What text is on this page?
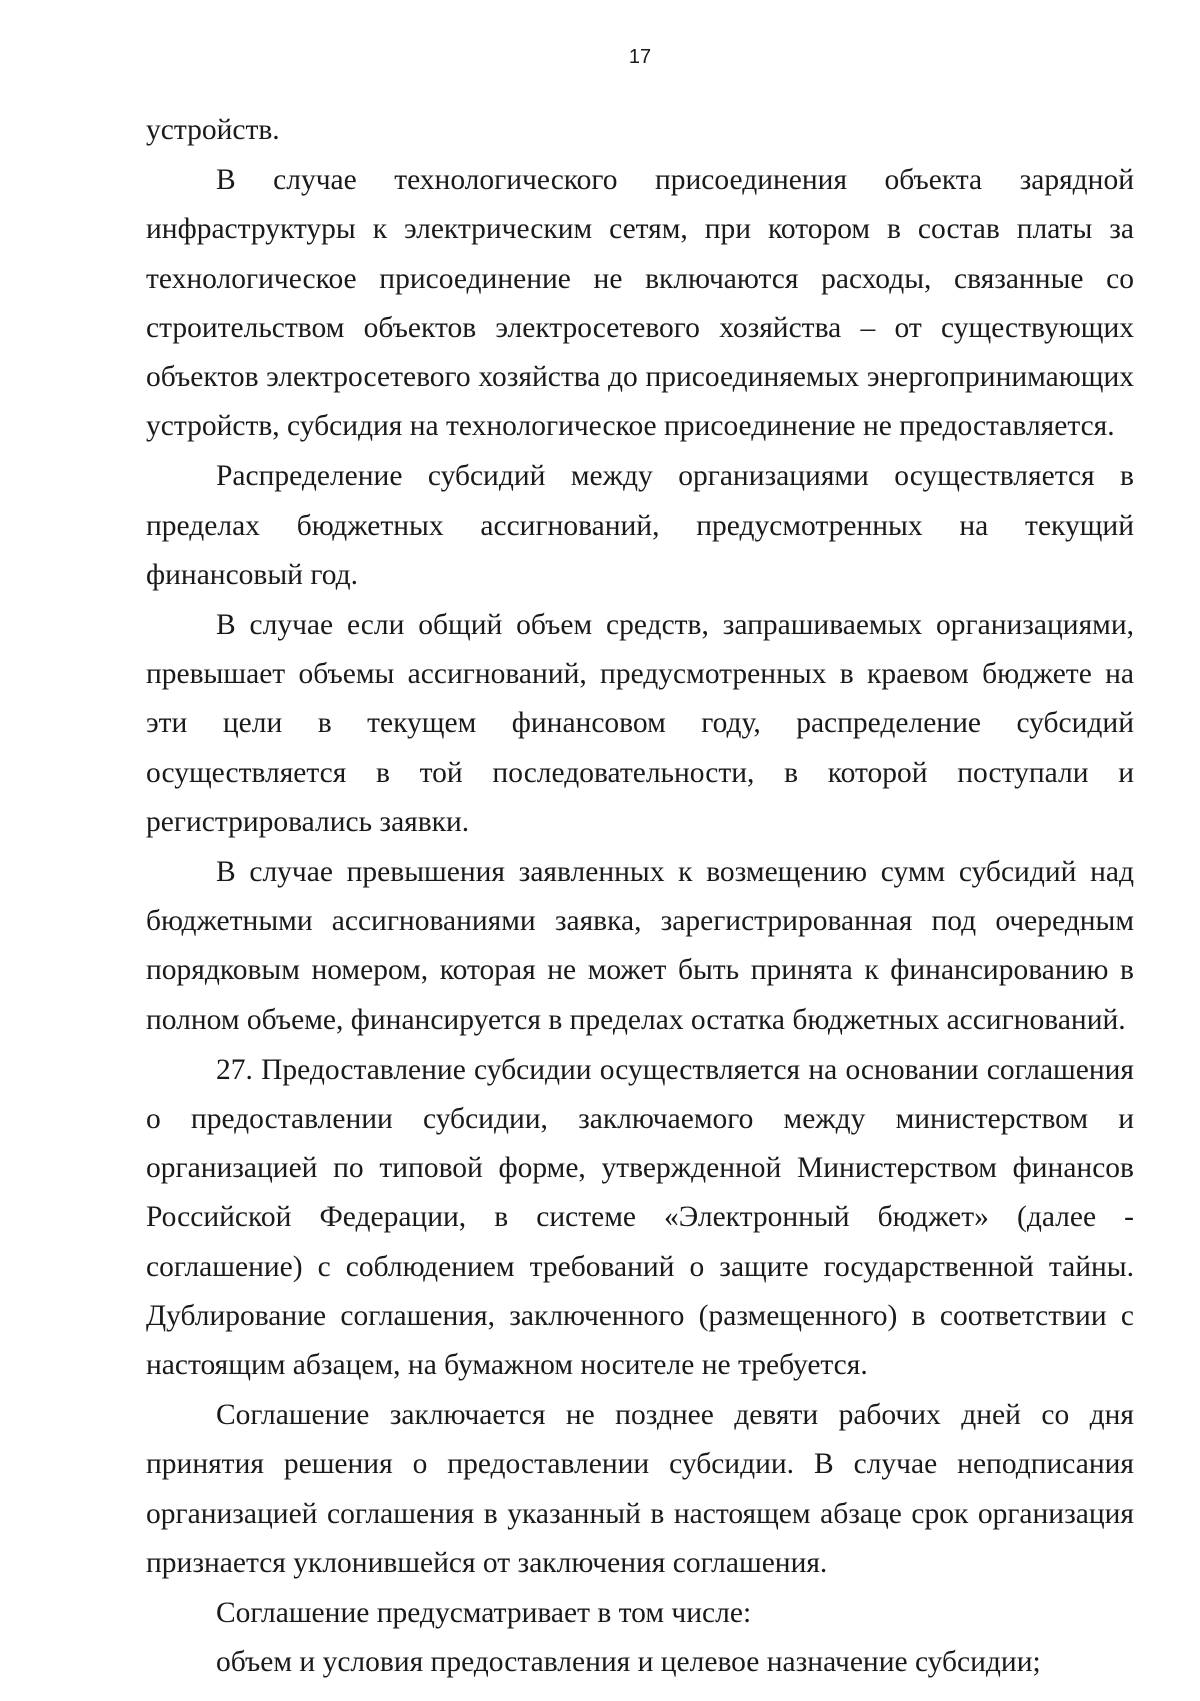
17

устройств.

В случае технологического присоединения объекта зарядной инфраструктуры к электрическим сетям, при котором в состав платы за технологическое присоединение не включаются расходы, связанные со строительством объектов электросетевого хозяйства – от существующих объектов электросетевого хозяйства до присоединяемых энергопринимающих устройств, субсидия на технологическое присоединение не предоставляется.

Распределение субсидий между организациями осуществляется в пределах бюджетных ассигнований, предусмотренных на текущий финансовый год.

В случае если общий объем средств, запрашиваемых организациями, превышает объемы ассигнований, предусмотренных в краевом бюджете на эти цели в текущем финансовом году, распределение субсидий осуществляется в той последовательности, в которой поступали и регистрировались заявки.

В случае превышения заявленных к возмещению сумм субсидий над бюджетными ассигнованиями заявка, зарегистрированная под очередным порядковым номером, которая не может быть принята к финансированию в полном объеме, финансируется в пределах остатка бюджетных ассигнований.

27. Предоставление субсидии осуществляется на основании соглашения о предоставлении субсидии, заключаемого между министерством и организацией по типовой форме, утвержденной Министерством финансов Российской Федерации, в системе «Электронный бюджет» (далее - соглашение) с соблюдением требований о защите государственной тайны. Дублирование соглашения, заключенного (размещенного) в соответствии с настоящим абзацем, на бумажном носителе не требуется.

Соглашение заключается не позднее девяти рабочих дней со дня принятия решения о предоставлении субсидии. В случае неподписания организацией соглашения в указанный в настоящем абзаце срок организация признается уклонившейся от заключения соглашения.

Соглашение предусматривает в том числе:

объем и условия предоставления и целевое назначение субсидии;
